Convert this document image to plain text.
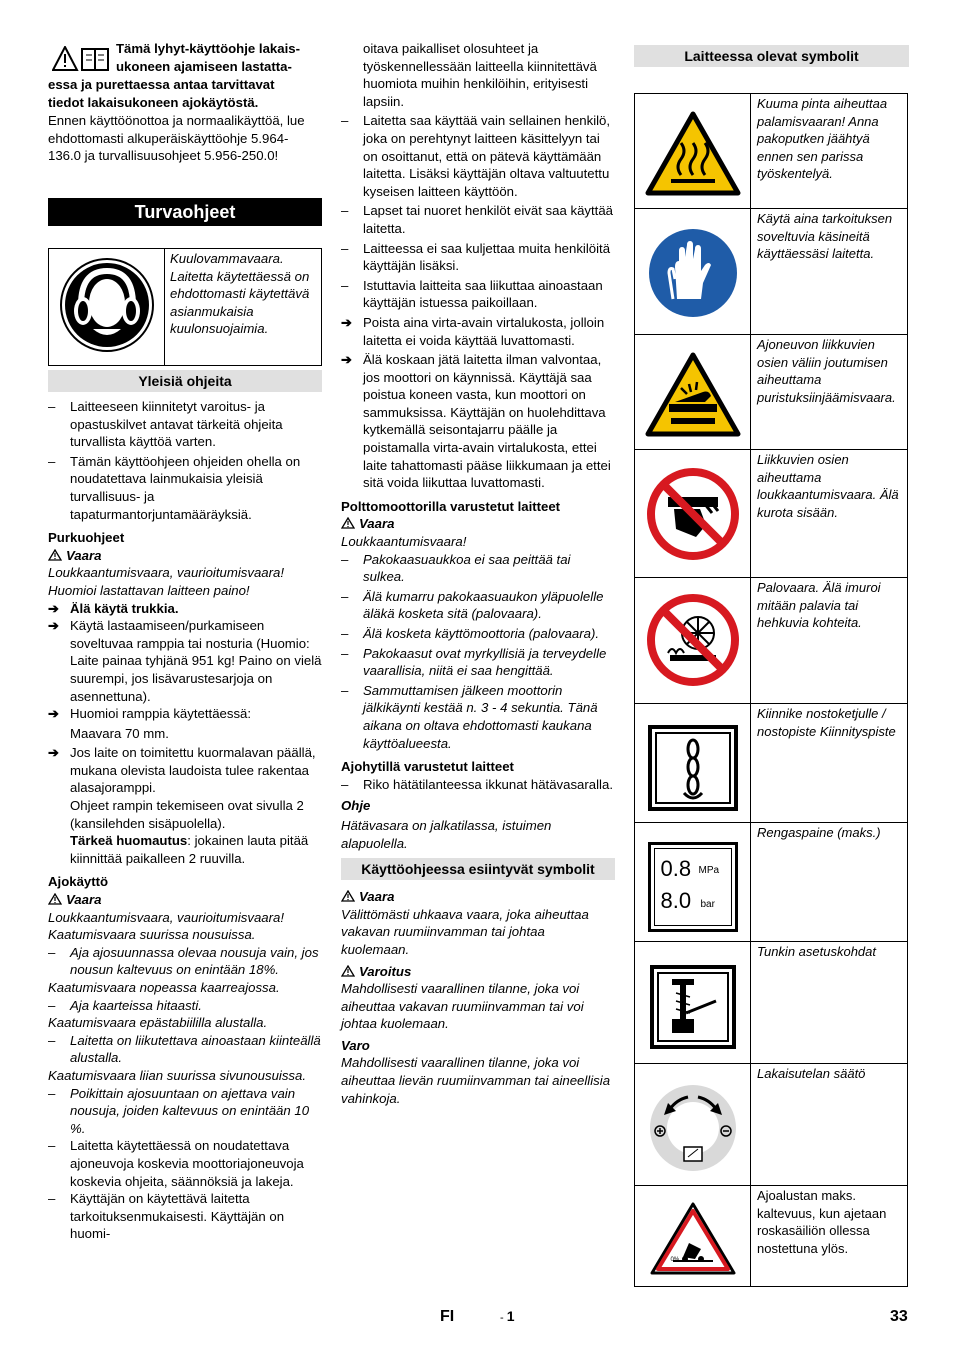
Tämä lyhyt-käyttöohje lakais-

ukoneen ajamiseen lastatta-

essa ja purettaessa antaa tarvittavat

tiedot lakaisukoneen ajokäytöstä.

Ennen käyttöönottoa ja normaalikäyttöä, lue ehdottomasti alkuperäiskäyttöohje 5.964-136.0 ja turvallisuusohjeet 5.956-250.0!

Turvaohjeet
	Kuulovammavaara. Laitetta käytettäessä on ehdottomasti käytettävä asianmukaisia kuulonsuojaimia.
Yleisiä ohjeita

– Laitteeseen kiinnitetyt varoitus- ja opastuskilvet antavat tärkeitä ohjeita turvallista käyttöä varten.

– Tämän käyttöohjeen ohjeiden ohella on noudatettava lainmukaisia yleisiä turvallisuus- ja tapaturmantorjuntamääräyksiä.

Purkuohjeet

Vaara

Loukkaantumisvaara, vaurioitumisvaara!

Huomioi lastattavan laitteen paino!

➔ Älä käytä trukkia.

➔ Käytä lastaamiseen/purkamiseen soveltuvaa ramppia tai nosturia (Huomio: Laite painaa tyhjänä 951 kg! Paino on vielä suurempi, jos lisävarustesarjoja on asennettuna).

➔ Huomioi ramppia käytettäessä:

Maavara 70 mm.

➔ Jos laite on toimitettu kuormalavan päällä, mukana olevista laudoista tulee rakentaa alasajoramppi.

Ohjeet rampin tekemiseen ovat sivulla 2 (kansilehden sisäpuolella).

Tärkeä huomautus: jokainen lauta pitää kiinnittää paikalleen 2 ruuvilla.

Ajokäyttö

Vaara

Loukkaantumisvaara, vaurioitumisvaara!

Kaatumisvaara suurissa nousuissa.

– Aja ajosuunnassa olevaa nousuja vain, jos nousun kaltevuus on enintään 18%.

Kaatumisvaara nopeassa kaarreajossa.

– Aja kaarteissa hitaasti.

Kaatumisvaara epästabiililla alustalla.

– Laitetta on liikutettava ainoastaan kiinteällä alustalla.

Kaatumisvaara liian suurissa sivunousuissa.

– Poikittain ajosuuntaan on ajettava vain nousuja, joiden kaltevuus on enintään 10 %.

– Laitetta käytettäessä on noudatettava ajoneuvoja koskevia moottoriajoneuvoja koskevia ohjeita, säännöksiä ja lakeja.

– Käyttäjän on käytettävä laitetta tarkoituksenmukaisesti. Käyttäjän on huomi-

oitava paikalliset olosuhteet ja työskennellessään laitteella kiinnitettävä huomiota muihin henkilöihin, erityisesti lapsiin.

– Laitetta saa käyttää vain sellainen henkilö, joka on perehtynyt laitteen käsittelyyn tai on osoittanut, että on pätevä käyttämään laitetta. Lisäksi käyttäjän oltava valtuutettu kyseisen laitteen käyttöön.

– Lapset tai nuoret henkilöt eivät saa käyttää laitetta.

– Laitteessa ei saa kuljettaa muita henkilöitä käyttäjän lisäksi.

– Istuttavia laitteita saa liikuttaa ainoastaan käyttäjän istuessa paikoillaan.

➔ Poista aina virta-avain virtalukosta, jolloin laitetta ei voida käyttää luvattomasti.

➔ Älä koskaan jätä laitetta ilman valvontaa, jos moottori on käynnissä. Käyttäjä saa poistua koneen vasta, kun moottori on sammuksissa. Käyttäjän on huolehdittava kytkemällä seisontajarru päälle ja poistamalla virta-avain virtalukosta, ettei laite tahattomasti pääse liikkumaan ja ettei sitä voida liikuttaa luvattomasti.

Polttomoottorilla varustetut laitteet

Vaara

Loukkaantumisvaara!

– Pakokaasuaukkoa ei saa peittää tai sulkea.

– Älä kumarru pakokaasuaukon yläpuolelle äläkä kosketa sitä (palovaara).

– Älä kosketa käyttömoottoria (palovaara).

– Pakokaasut ovat myrkyllisiä ja terveydelle vaarallisia, niitä ei saa hengittää.

– Sammuttamisen jälkeen moottorin jälkikäynti kestää n. 3 - 4 sekuntia. Tänä aikana on oltava ehdottomasti kaukana käyttöalueesta.

Ajohytillä varustetut laitteet

– Riko hätätilanteessa ikkunat hätävasaralla.

Ohje

Hätävasara on jalkatilassa, istuimen alapuolella.

Käyttöohjeessa esiintyvät symbolit

Vaara

Välittömästi uhkaava vaara, joka aiheuttaa vakavan ruumiinvamman tai johtaa kuolemaan.

Varoitus

Mahdollisesti vaarallinen tilanne, joka voi aiheuttaa vakavan ruumiinvamman tai voi johtaa kuolemaan.

Varo

Mahdollisesti vaarallinen tilanne, joka voi aiheuttaa lievän ruumiinvamman tai aineellisia vahinkoja.

Laitteessa olevat symbolit
	Kuuma pinta aiheuttaa palamisvaaran! Anna pakoputken jäähtyä ennen sen parissa työskentelyä.
	Käytä aina tarkoituksen soveltuvia käsineitä käyttäessäsi laitetta.
	Ajoneuvon liikkuvien osien väliin joutumisen aiheuttama puristuksiinjäämisvaara.
	Liikkuvien osien aiheuttama loukkaantumisvaara. Älä kurota sisään.
	Palovaara. Älä imuroi mitään palavia tai hehkuvia kohteita.
	Kiinnike nostoketjulle / nostopiste Kiinnityspiste

0.8 MPa
8.0 bar	Rengaspaine (maks.)
	Tunkin asetuskohdat
	Lakaisutelan säätö

0%	Ajoalustan maks. kaltevuus, kun ajetaan roskasäiliön ollessa nostettuna ylös.
FI	- 1	33
